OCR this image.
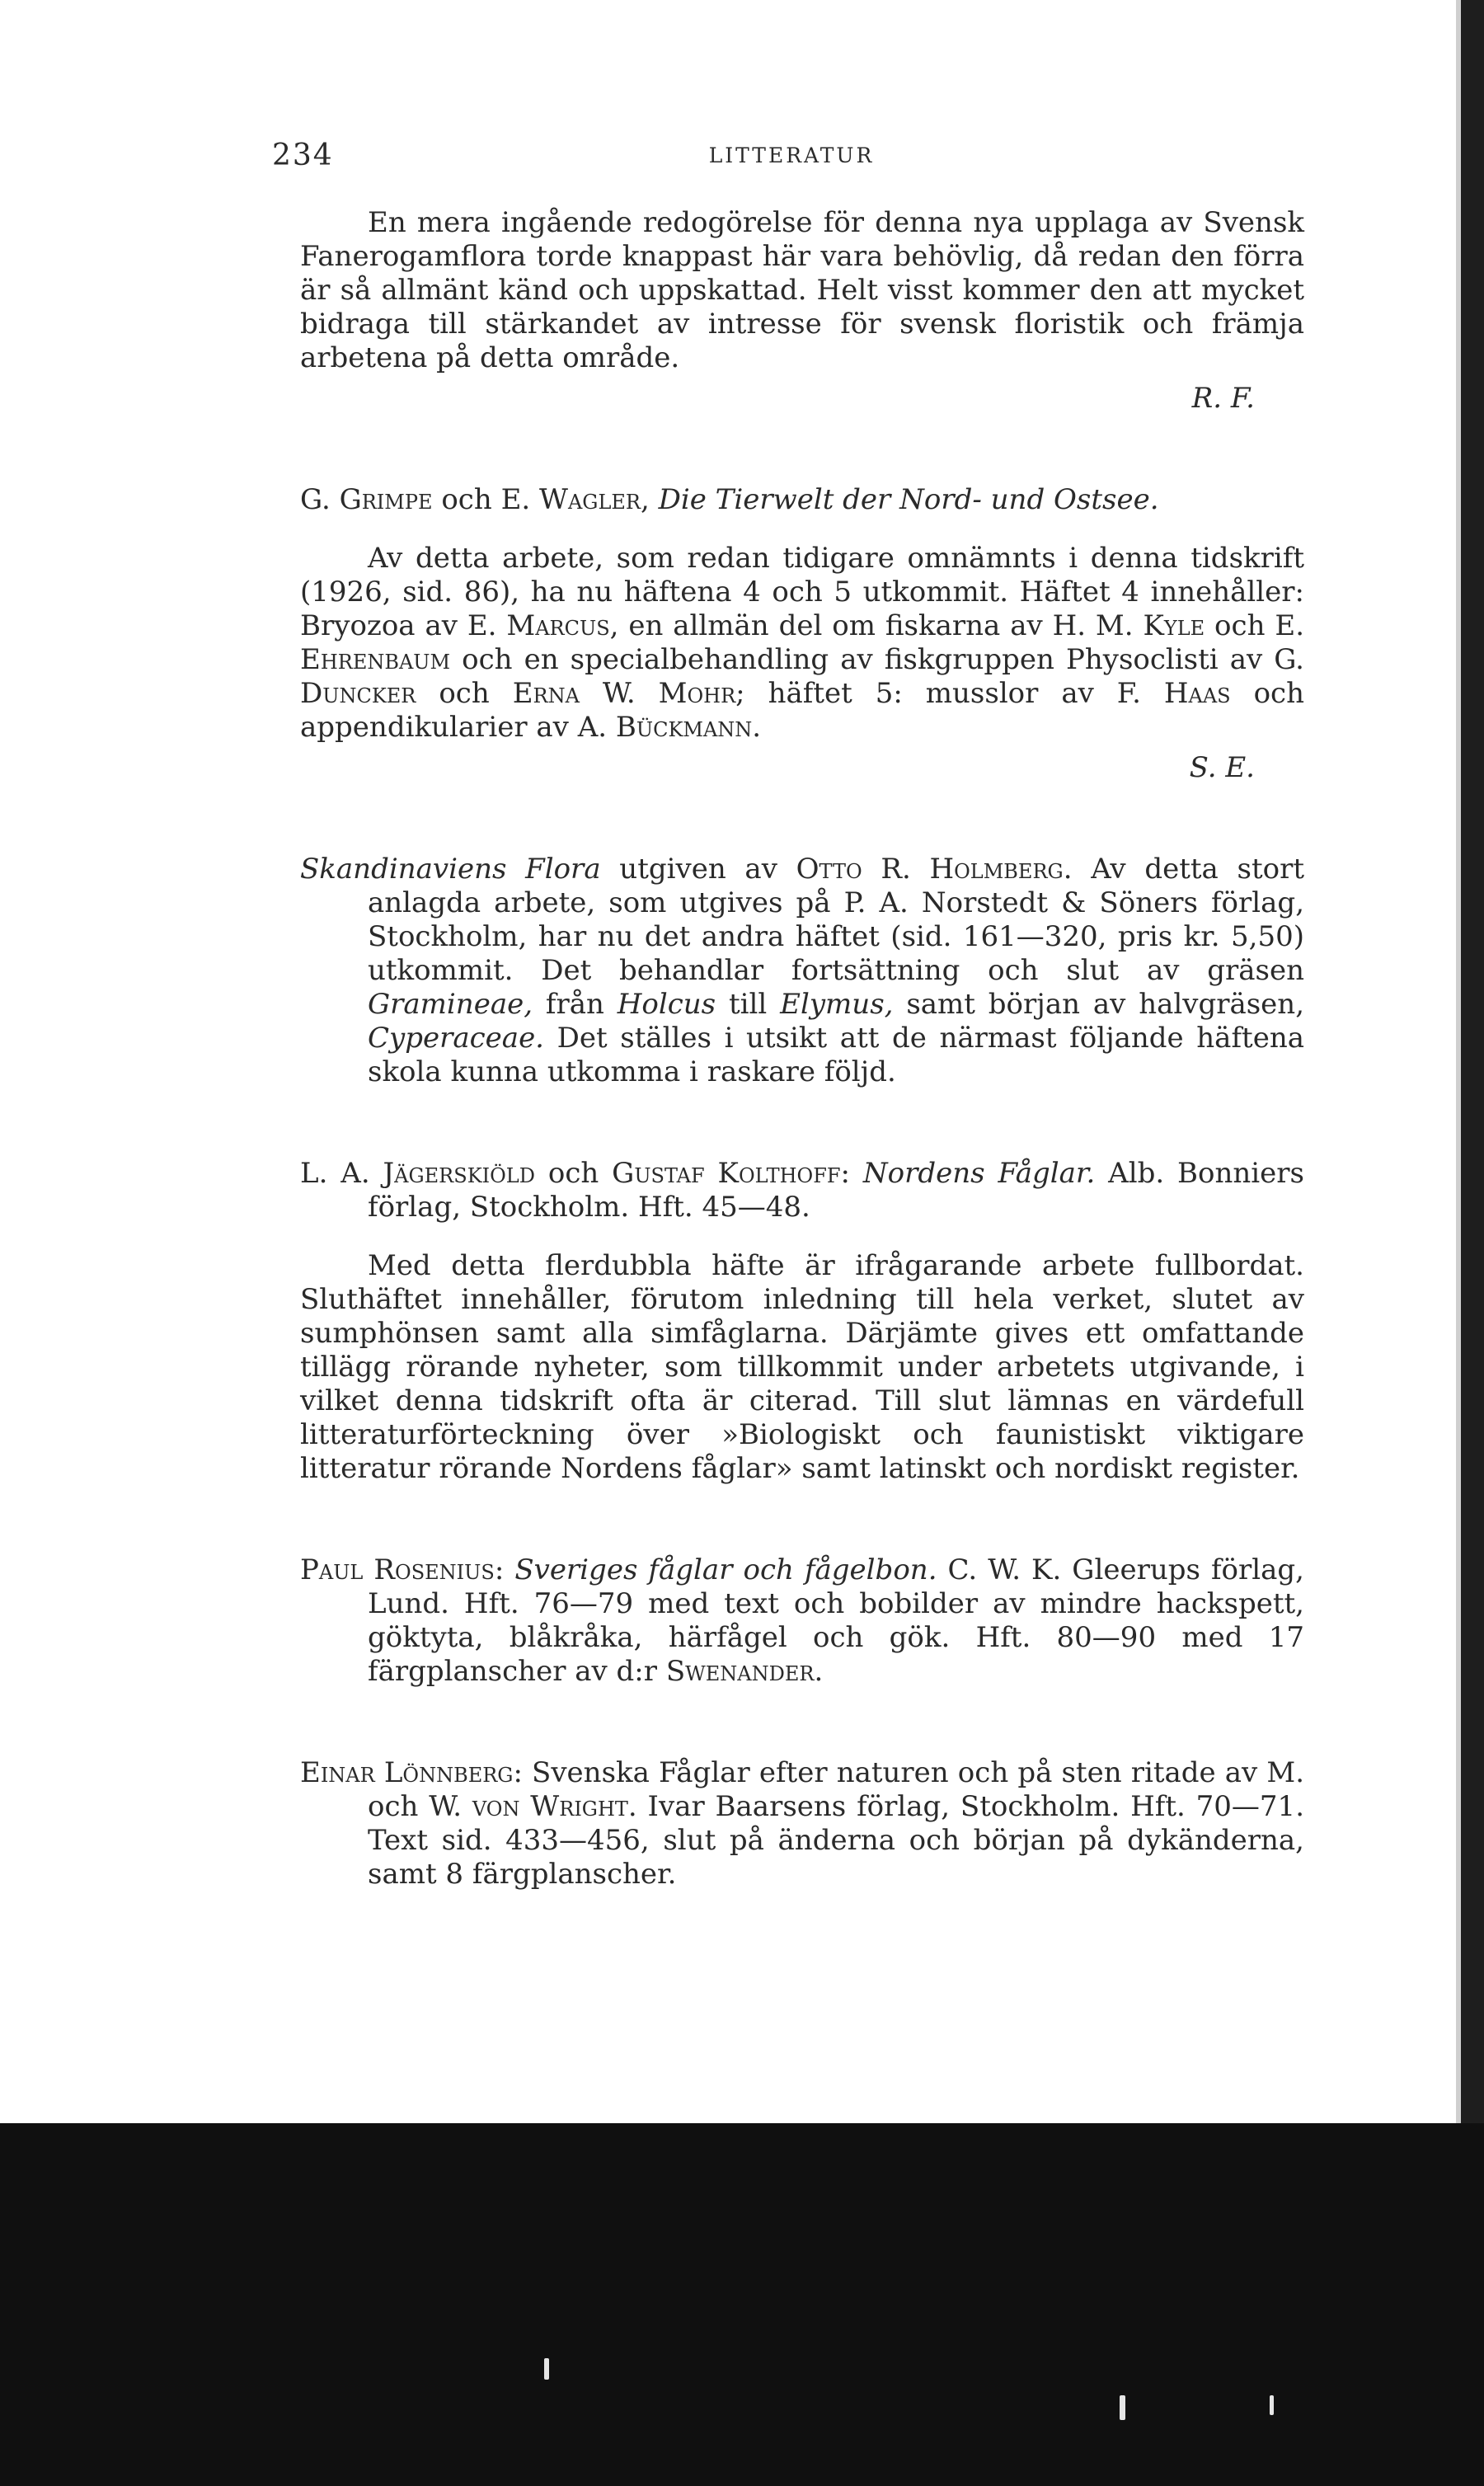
234	LITTERATUR

En mera ingående redogörelse för denna nya upplaga av Svensk Fanerogamflora torde knappast här vara behövlig, då redan den förra är så allmänt känd och uppskattad. Helt visst kommer den att mycket bidraga till stärkandet av intresse för svensk floristik och främja arbetena på detta område.

R. F.

G. Grimpe och E. Wagler, Die Tierwelt der Nord- und Ostsee.

Av detta arbete, som redan tidigare omnämnts i denna tidskrift (1926, sid. 86), ha nu häftena 4 och 5 utkommit. Häftet 4 innehåller: Bryozoa av E. Marcus, en allmän del om fiskarna av H. M. Kyle och E. Ehrenbaum och en specialbehandling av fiskgruppen Physoclisti av G. Duncker och Erna W. Mohr; häftet 5: musslor av F. Haas och appendikularier av A. Bückmann.

S. E.

Skandinaviens Flora utgiven av Otto R. Holmberg. Av detta stort anlagda arbete, som utgives på P. A. Norstedt & Söners förlag, Stockholm, har nu det andra häftet (sid. 161—320, pris kr. 5,50) utkommit. Det behandlar fortsättning och slut av gräsen Gramineae, från Holcus till Elymus, samt början av halvgräsen, Cyperaceae. Det ställes i utsikt att de närmast följande häftena skola kunna utkomma i raskare följd.

L. A. Jägerskiöld och Gustaf Kolthoff: Nordens Fåglar. Alb. Bonniers förlag, Stockholm. Hft. 45—48.

Med detta flerdubbla häfte är ifrågarande arbete fullbordat. Sluthäftet innehåller, förutom inledning till hela verket, slutet av sumphönsen samt alla simfåglarna. Därjämte gives ett omfattande tillägg rörande nyheter, som tillkommit under arbetets utgivande, i vilket denna tidskrift ofta är citerad. Till slut lämnas en värdefull litteraturförteckning över »Biologiskt och faunistiskt viktigare litteratur rörande Nordens fåglar» samt latinskt och nordiskt register.

Paul Rosenius: Sveriges fåglar och fågelbon. C. W. K. Gleerups förlag, Lund. Hft. 76—79 med text och bobilder av mindre hackspett, göktyta, blåkråka, härfågel och gök. Hft. 80—90 med 17 färgplanscher av d:r Swenander.

Einar Lönnberg: Svenska Fåglar efter naturen och på sten ritade av M. och W. von Wright. Ivar Baarsens förlag, Stockholm. Hft. 70—71. Text sid. 433—456, slut på änderna och början på dykänderna, samt 8 färgplanscher.
